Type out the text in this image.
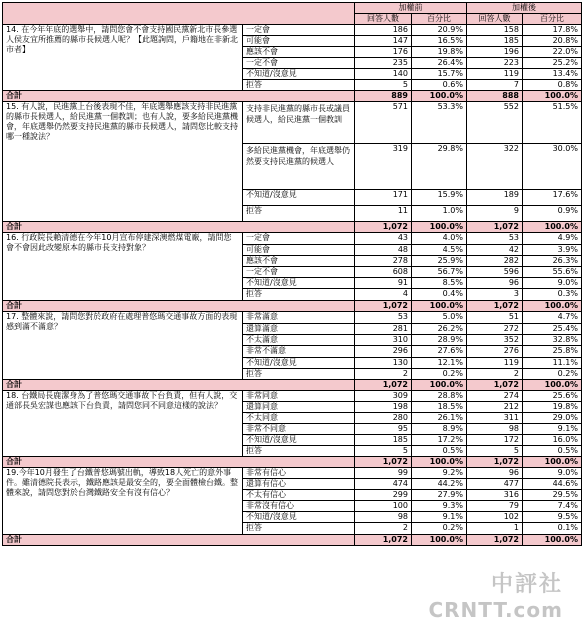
		加權前		加權後	
		回答人數	百分比	回答人數	百分比
14. 在今年年底的選舉中，請問您會不會支持國民黨新北市長參選人侯友宜所推薦的縣市長候選人呢？【此題詢問，戶籍地在非新北市者】	一定會	186	20.9%	158	17.8%
	可能會	147	16.5%	185	20.8%
	應該不會	176	19.8%	196	22.0%
	一定不會	235	26.4%	223	25.2%
	不知道/沒意見	140	15.7%	119	13.4%
	拒答	5	0.6%	7	0.8%
合計		889	100.0%	888	100.0%
15. 有人說，民進黨上台後表現不佳，年底選舉應該支持非民進黨的縣市長候選人，給民進黨一個教訓；也有人說，要多給民進黨機會，年底選舉仍然要支持民進黨的縣市長候選人，請問您比較支持哪一種說法？	支持非民進黨的縣市長或議員候選人，給民進黨一個教訓	571	53.3%	552	51.5%
	多給民進黨機會，年底選舉仍然要支持民進黨的候選人	319	29.8%	322	30.0%
	不知道/沒意見	171	15.9%	189	17.6%
	拒答	11	1.0%	9	0.9%
合計		1,072	100.0%	1,072	100.0%
16. 行政院長賴清德在今年10月宣布停建深澳燃煤電廠，請問您會不會因此改變原本的縣市長支持對象？	一定會	43	4.0%	53	4.9%
	可能會	48	4.5%	42	3.9%
	應該不會	278	25.9%	282	26.3%
	一定不會	608	56.7%	596	55.6%
	不知道/沒意見	91	8.5%	96	9.0%
	拒答	4	0.4%	3	0.3%
合計		1,072	100.0%	1,072	100.0%
17. 整體來說，請問您對於政府在處理普悠瑪交通事故方面的表現感到滿不滿意？	非常滿意	53	5.0%	51	4.7%
	還算滿意	281	26.2%	272	25.4%
	不太滿意	310	28.9%	352	32.8%
	非常不滿意	296	27.6%	276	25.8%
	不知道/沒意見	130	12.1%	119	11.1%
	拒答	2	0.2%	2	0.2%
合計		1,072	100.0%	1,072	100.0%
18. 台鐵局長鹿潔身為了普悠瑪交通事故下台負責，但有人說，交通部長吳宏謀也應該下台負責，請問您同不同意這樣的說法？	非常同意	309	28.8%	274	25.6%
	還算同意	198	18.5%	212	19.8%
	不太同意	280	26.1%	311	29.0%
	非常不同意	95	8.9%	98	9.1%
	不知道/沒意見	185	17.2%	172	16.0%
	拒答	5	0.5%	5	0.5%
合計		1,072	100.0%	1,072	100.0%
19.今年10月發生了台鐵普悠瑪號出軌，導致18人死亡的意外事件。雖清德院長表示，鐵路應該是最安全的，要全面體檢台鐵。整體來說，請問您對於台灣鐵路安全有沒有信心？	非常有信心	99	9.2%	96	9.0%
	還算有信心	474	44.2%	477	44.6%
	不太有信心	299	27.9%	316	29.5%
	非常沒有信心	100	9.3%	79	7.4%
	不知道/沒意見	98	9.1%	102	9.5%
	拒答	2	0.2%	1	0.1%
合計		1,072	100.0%	1,072	100.0%
中評社
CRNTT.com
